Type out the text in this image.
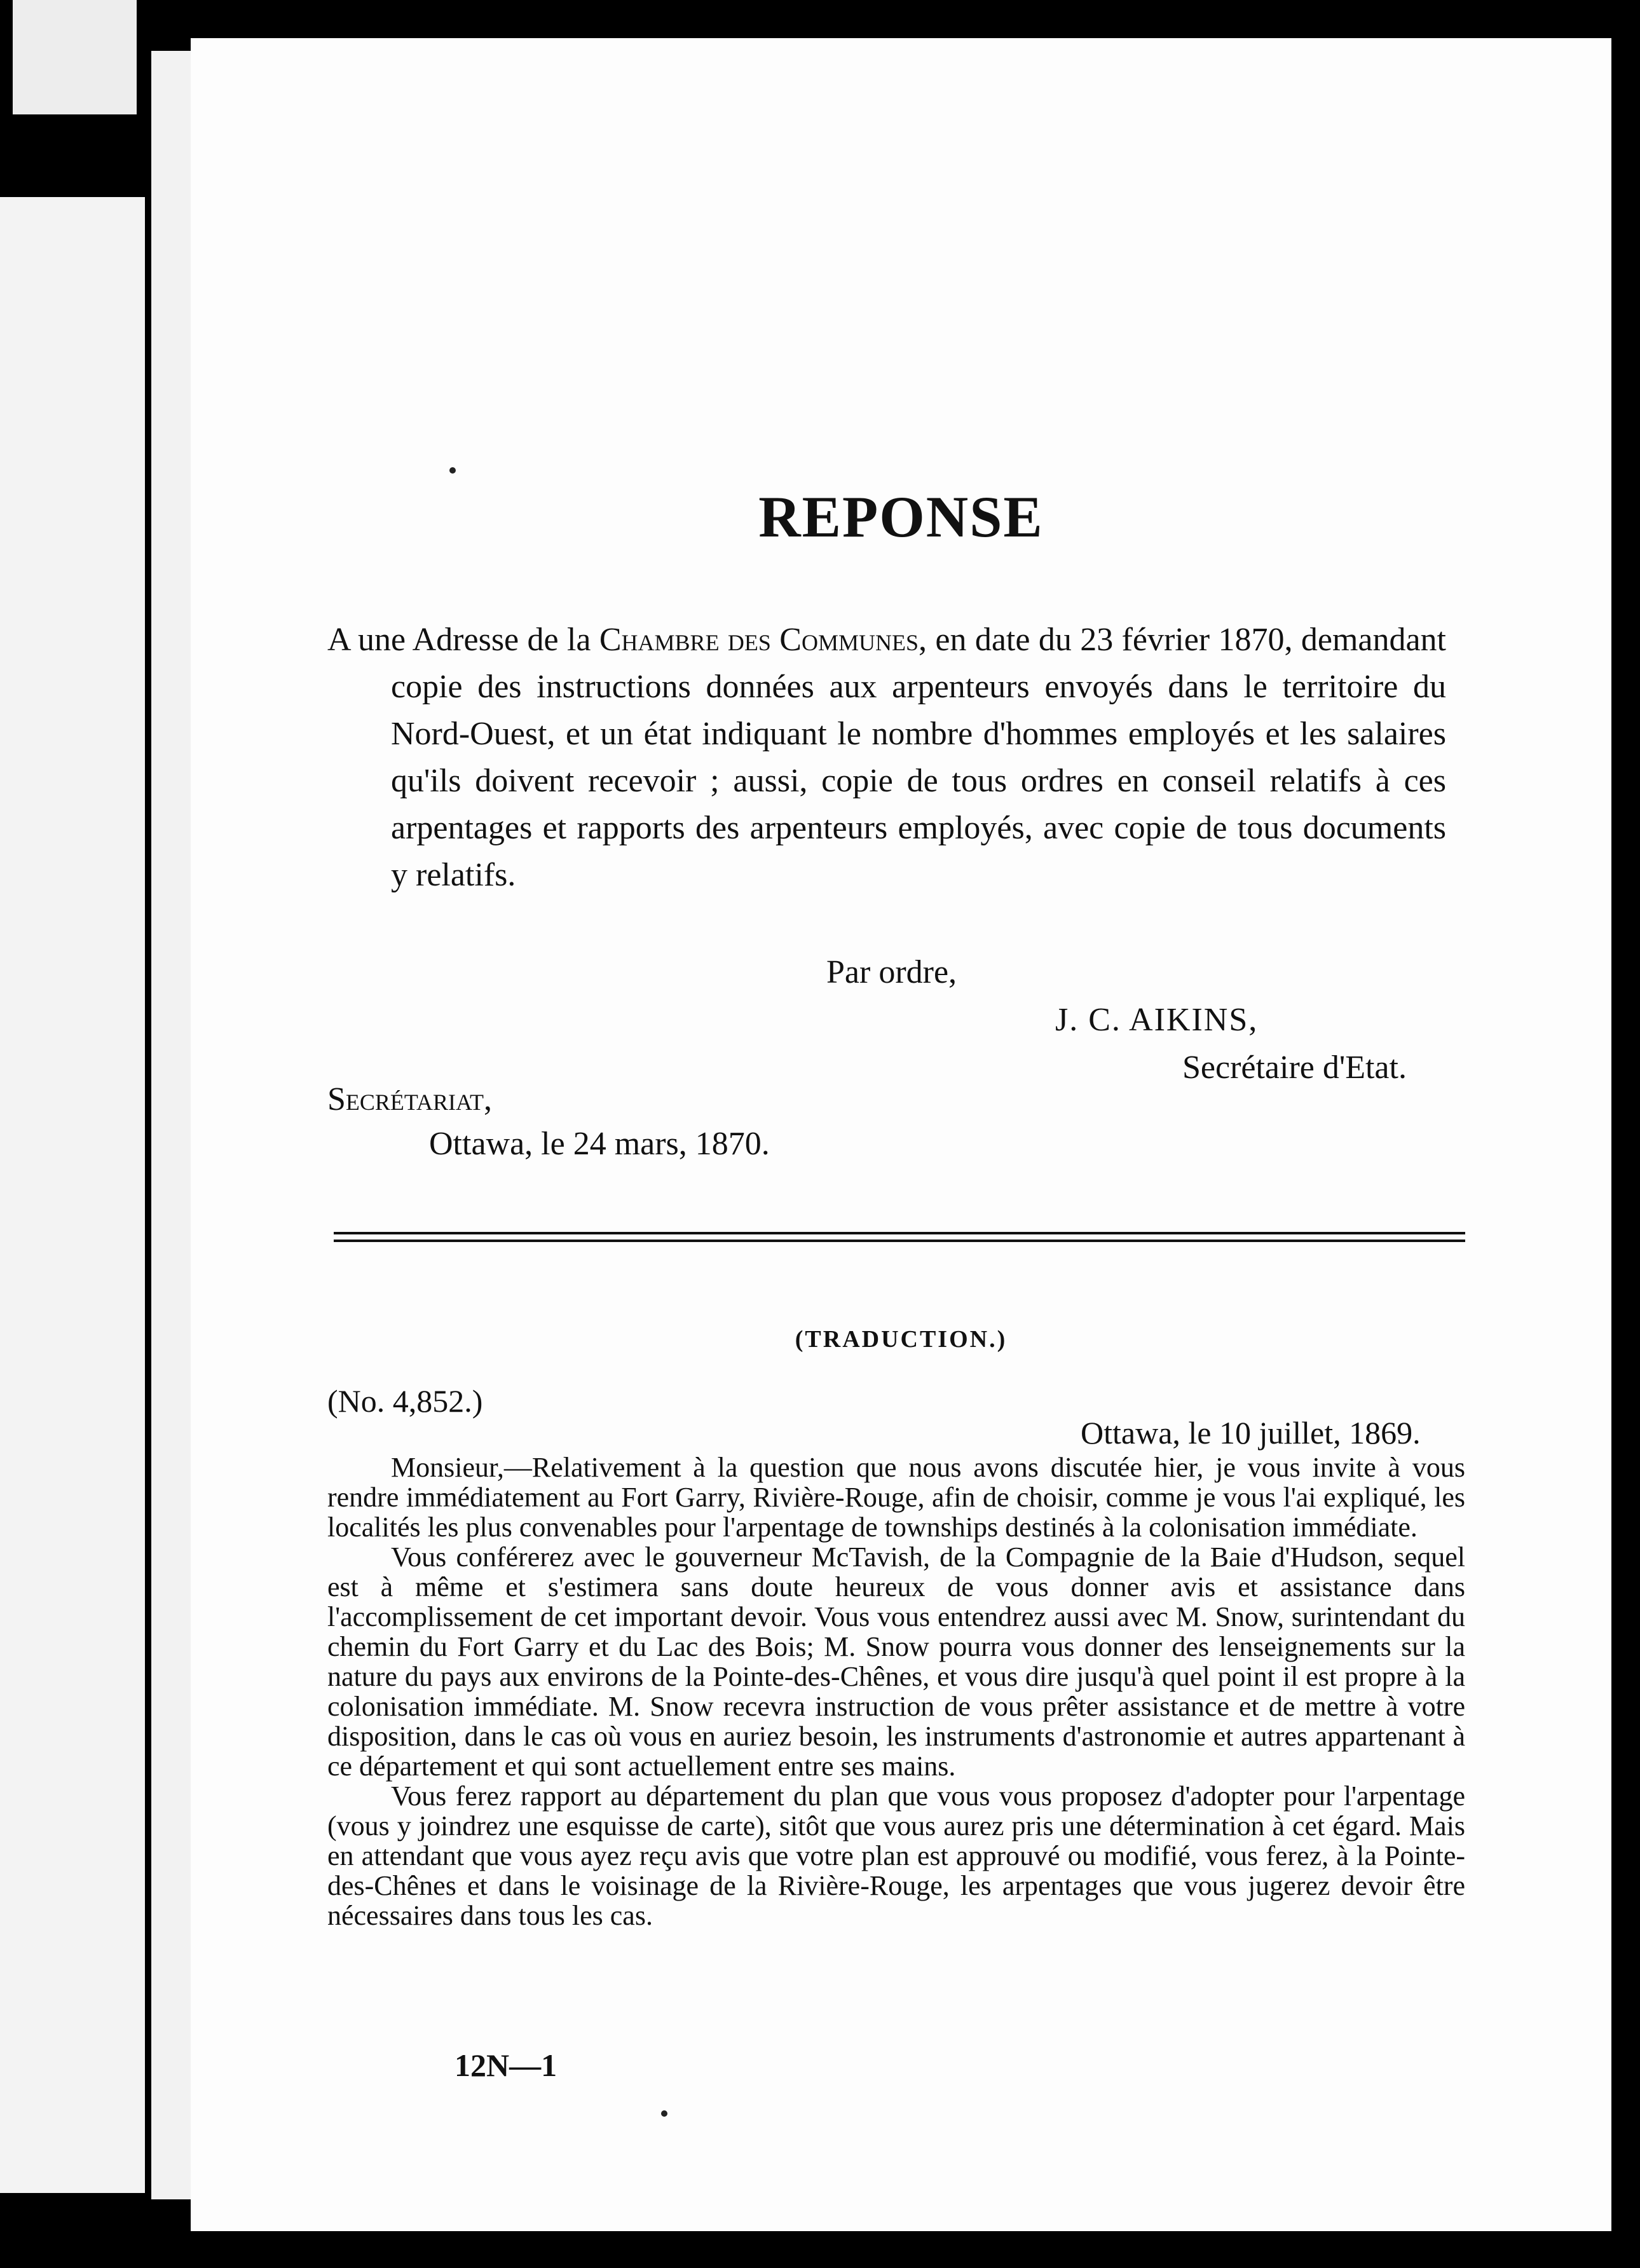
REPONSE
A une Adresse de la Chambre des Communes, en date du 23 février 1870, demandant copie des instructions données aux arpenteurs envoyés dans le territoire du Nord-Ouest, et un état indiquant le nombre d'hommes employés et les salaires qu'ils doivent recevoir ; aussi, copie de tous ordres en conseil relatifs à ces arpentages et rapports des arpenteurs employés, avec copie de tous documents y relatifs.
Par ordre,
J. C. AIKINS,
Secrétaire d'Etat.
Secrétariat,
Ottawa, le 24 mars, 1870.
(TRADUCTION.)
(No. 4,852.)
Ottawa, le 10 juillet, 1869.

Monsieur,—Relativement à la question que nous avons discutée hier, je vous invite à vous rendre immédiatement au Fort Garry, Rivière-Rouge, afin de choisir, comme je vous l'ai expliqué, les localités les plus convenables pour l'arpentage de townships destinés à la colonisation immédiate.

Vous conférerez avec le gouverneur McTavish, de la Compagnie de la Baie d'Hudson, sequel est à même et s'estimera sans doute heureux de vous donner avis et assistance dans l'accomplissement de cet important devoir. Vous vous entendrez aussi avec M. Snow, surintendant du chemin du Fort Garry et du Lac des Bois; M. Snow pourra vous donner des lenseignements sur la nature du pays aux environs de la Pointe-des-Chênes, et vous dire jusqu'à quel point il est propre à la colonisation immédiate. M. Snow recevra instruction de vous prêter assistance et de mettre à votre disposition, dans le cas où vous en auriez besoin, les instruments d'astronomie et autres appartenant à ce département et qui sont actuellement entre ses mains.

Vous ferez rapport au département du plan que vous vous proposez d'adopter pour l'arpentage (vous y joindrez une esquisse de carte), sitôt que vous aurez pris une détermination à cet égard. Mais en attendant que vous ayez reçu avis que votre plan est approuvé ou modifié, vous ferez, à la Pointe-des-Chênes et dans le voisinage de la Rivière-Rouge, les arpentages que vous jugerez devoir être nécessaires dans tous les cas.

12N—1
